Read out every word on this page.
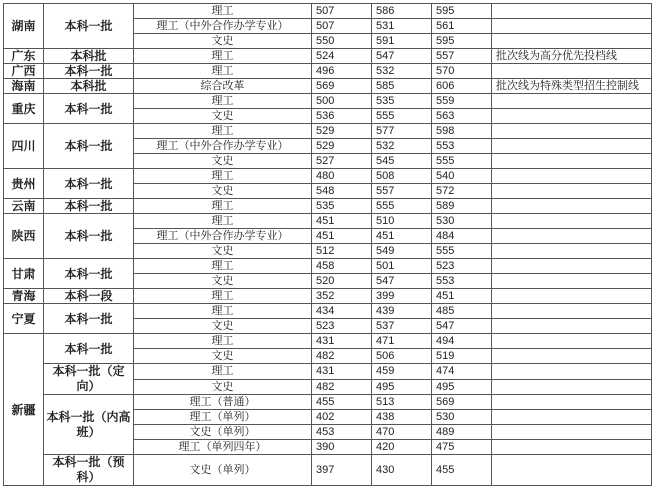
湖南	本科一批	理工	507	586	595	
		理工（中外合作办学专业）	507	531	561	
		文史	550	591	595	
广东	本科批	理工	524	547	557	批次线为高分优先投档线
广西	本科一批	理工	496	532	570	
海南	本科批	综合改革	569	585	606	批次线为特殊类型招生控制线
重庆	本科一批	理工	500	535	559	
		文史	536	555	563	
四川	本科一批	理工	529	577	598	
		理工（中外合作办学专业）	529	532	553	
		文史	527	545	555	
贵州	本科一批	理工	480	508	540	
		文史	548	557	572	
云南	本科一批	理工	535	555	589	
陕西	本科一批	理工	451	510	530	
		理工（中外合作办学专业）	451	451	484	
		文史	512	549	555	
甘肃	本科一批	理工	458	501	523	
		文史	520	547	553	
青海	本科一段	理工	352	399	451	
宁夏	本科一批	理工	434	439	485	
		文史	523	537	547	
新疆	本科一批	理工	431	471	494	
		文史	482	506	519	
	本科一批（定向）	理工	431	459	474	
		文史	482	495	495	
	本科一批（内高班）	理工（普通）	455	513	569	
		理工（单列）	402	438	530	
		文史（单列）	453	470	489	
		理工（单列四年）	390	420	475	
	本科一批（预科）	文史（单列）	397	430	455	
